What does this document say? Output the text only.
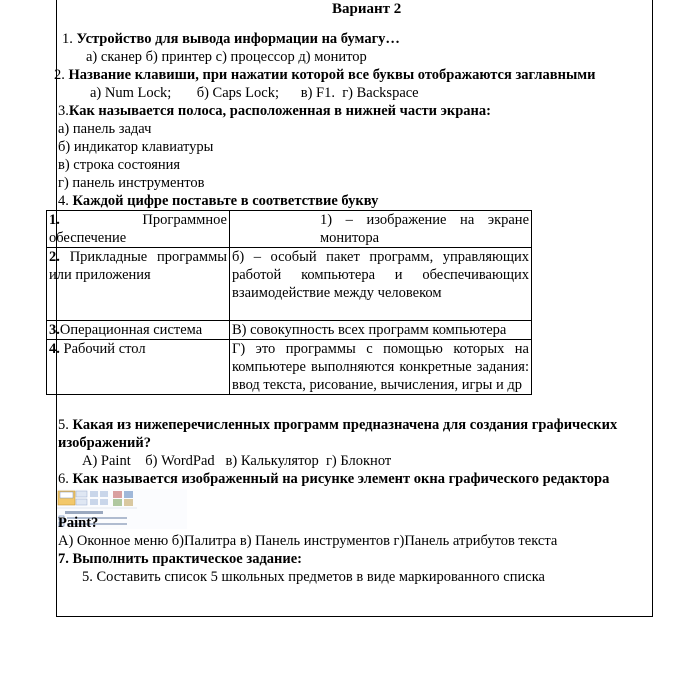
Вариант 2
1. Устройство для вывода информации на бумагу…
а) сканер б) принтер с) процессор д) монитор
2. Название клавиши, при нажатии которой все буквы отображаются заглавными
а) Num Lock;       б) Caps Lock;      в) F1.  г) Backspace
3.Как называется полоса, расположенная в нижней части экрана:
а) панель задач
б) индикатор клавиатуры
в) строка состояния
г) панель инструментов
4. Каждой цифре поставьте в соответствие букву
1. Программное обеспечение	1) – изображение на экране монитора

2. Прикладные программы или приложения	б) – особый пакет программ, управляющих работой компьютера и обеспечивающих взаимодействие между человеком

3.Операционная система	В) совокупность всех программ компьютера

4. Рабочий стол	Г) это программы с помощью которых на компьютере выполняются конкретные задания: ввод текста, рисование, вычисления, игры и др
5. Какая из нижеперечисленных программ предназначена для создания графических
изображений?
А) Paint    б) WordPad   в) Калькулятор  г) Блокнот
6. Как называется изображенный на рисунке элемент окна графического редактора
Paint?
А) Оконное меню б)Палитра в) Панель инструментов г)Панель атрибутов текста
7. Выполнить практическое задание:
5. Составить список 5 школьных предметов в виде маркированного списка
